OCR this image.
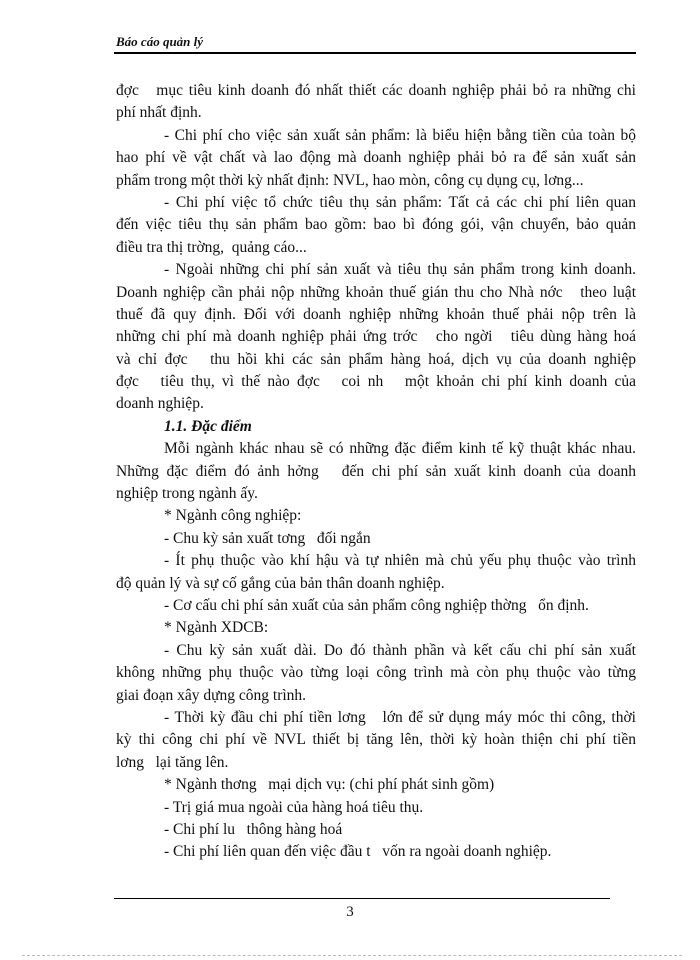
Báo cáo quản lý
đợc   mục tiêu kinh doanh đó nhất thiết các doanh nghiệp phải bỏ ra những chi
phí nhất định.
- Chi phí cho việc sản xuất sản phẩm: là biểu hiện bằng tiền của toàn bộ
hao phí về vật chất và lao động mà doanh nghiệp phải bỏ ra để sản xuất sản
phẩm trong một thời kỳ nhất định: NVL, hao mòn, công cụ dụng cụ, lơng...
- Chi phí việc tổ chức tiêu thụ sản phẩm: Tất cả các chi phí liên quan
đến việc tiêu thụ sản phẩm bao gồm: bao bì đóng gói, vận chuyển, bảo quản
điều tra thị trờng,  quảng cáo...
- Ngoài những chi phí sản xuất và tiêu thụ sản phẩm trong kinh doanh.
Doanh nghiệp cần phải nộp những khoản thuế gián thu cho Nhà nớc   theo luật
thuế đã quy định. Đối với doanh nghiệp những khoản thuế phải nộp trên là
những chi phí mà doanh nghiệp phải ứng trớc   cho ngời   tiêu dùng hàng hoá
và chỉ đợc   thu hồi khi các sản phẩm hàng hoá, dịch vụ của doanh nghiệp
đợc   tiêu thụ, vì thế nào đợc   coi nh   một khoản chi phí kinh doanh của
doanh nghiệp.
1.1. Đặc điểm
Mỗi ngành khác nhau sẽ có những đặc điểm kinh tế kỹ thuật khác nhau.
Những đặc điểm đó ảnh hởng   đến chi phí sản xuất kinh doanh của doanh
nghiệp trong ngành ấy.
* Ngành công nghiệp:
- Chu kỳ sản xuất tơng   đối ngắn
- Ít phụ thuộc vào khí hậu và tự nhiên mà chủ yếu phụ thuộc vào trình
độ quản lý và sự cố gắng của bản thân doanh nghiệp.
- Cơ cấu chi phí sản xuất của sản phẩm công nghiệp thờng   ổn định.
* Ngành XDCB:
- Chu kỳ sản xuất dài. Do đó thành phần và kết cấu chi phí sản xuất
không những phụ thuộc vào từng loại công trình mà còn phụ thuộc vào từng
giai đoạn xây dựng công trình.
- Thời kỳ đầu chi phí tiền lơng   lớn để sử dụng máy móc thi công, thời
kỳ thi công chi phí về NVL thiết bị tăng lên, thời kỳ hoàn thiện chi phí tiền
lơng   lại tăng lên.
* Ngành thơng   mại dịch vụ: (chi phí phát sinh gồm)
- Trị giá mua ngoài của hàng hoá tiêu thụ.
- Chi phí lu   thông hàng hoá
- Chi phí liên quan đến việc đầu t   vốn ra ngoài doanh nghiệp.
3
